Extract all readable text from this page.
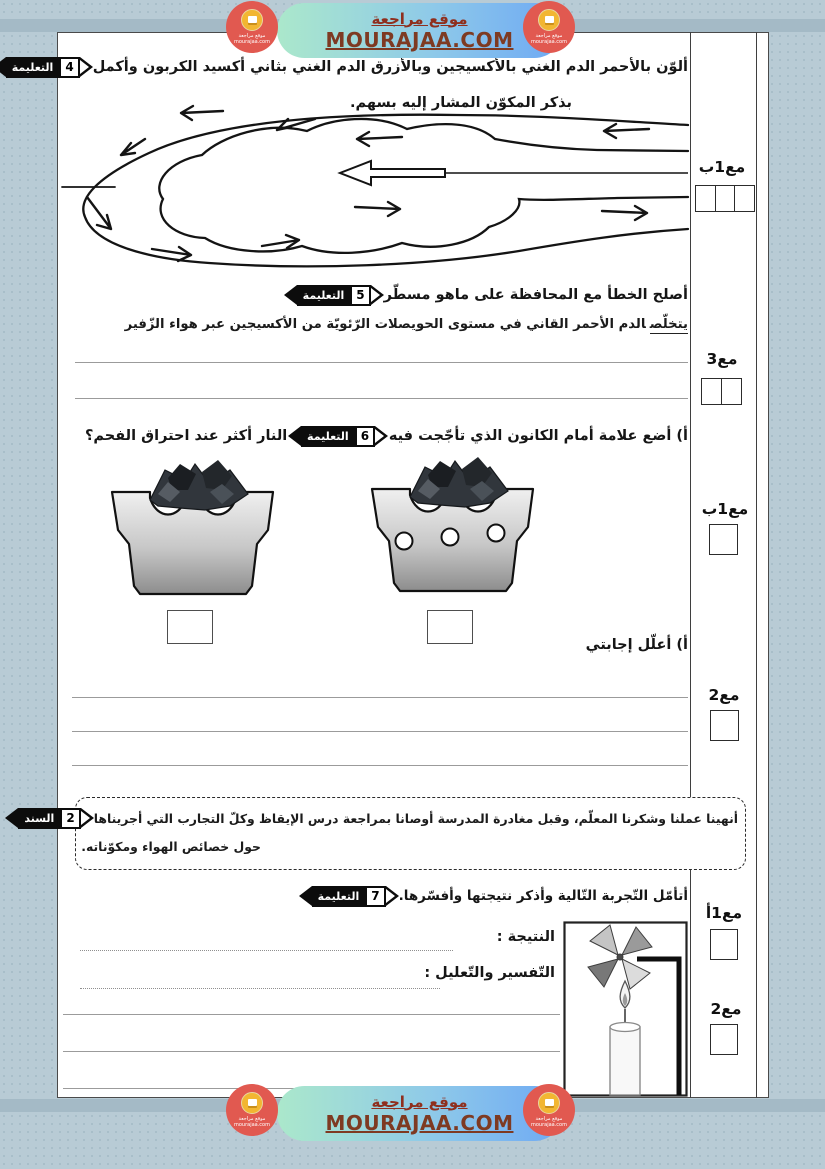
ألوّن بالأحمر الدم الغني بالأكسيجين وبالأزرق الدم الغني بثاني أكسيد الكربون وأكمل
التعليمة	4
بذكر المكوّن المشار إليه بسهم.
مع1ب
أصلح الخطأ مع المحافظة على ماهو مسطّر
التعليمة	5
يتخلّصالدم الأحمر القاني في مستوى الحويصلات الرّئويّة من الأكسيجين عبر هواء الزّفير
مع3
أ) أضع علامة أمام الكانون الذي تأجّجت فيه
التعليمة	6
النار أكثر عند احتراق الفحم؟
مع1ب
أ) أعلّل إجابتي
مع2
أنهينا عملنا وشكرنا المعلّم، وقبل مغادرة المدرسة أوصانا بمراجعة درس الإيقاظ وكلّ التجارب التي أجريناها
السند	2
حول خصائص الهواء ومكوّناته.
أتأمّل التّجربة التّالية وأذكر نتيجتها وأفسّرها.
التعليمة	7
النتيجة :
التّفسير والتّعليل :
مع1أ
مع2
موقع مراجعة
MOURAJAA.COM
موقع مراجعة mourajaa.com
موقع مراجعة mourajaa.com
موقع مراجعة
MOURAJAA.COM
موقع مراجعة mourajaa.com
موقع مراجعة mourajaa.com
